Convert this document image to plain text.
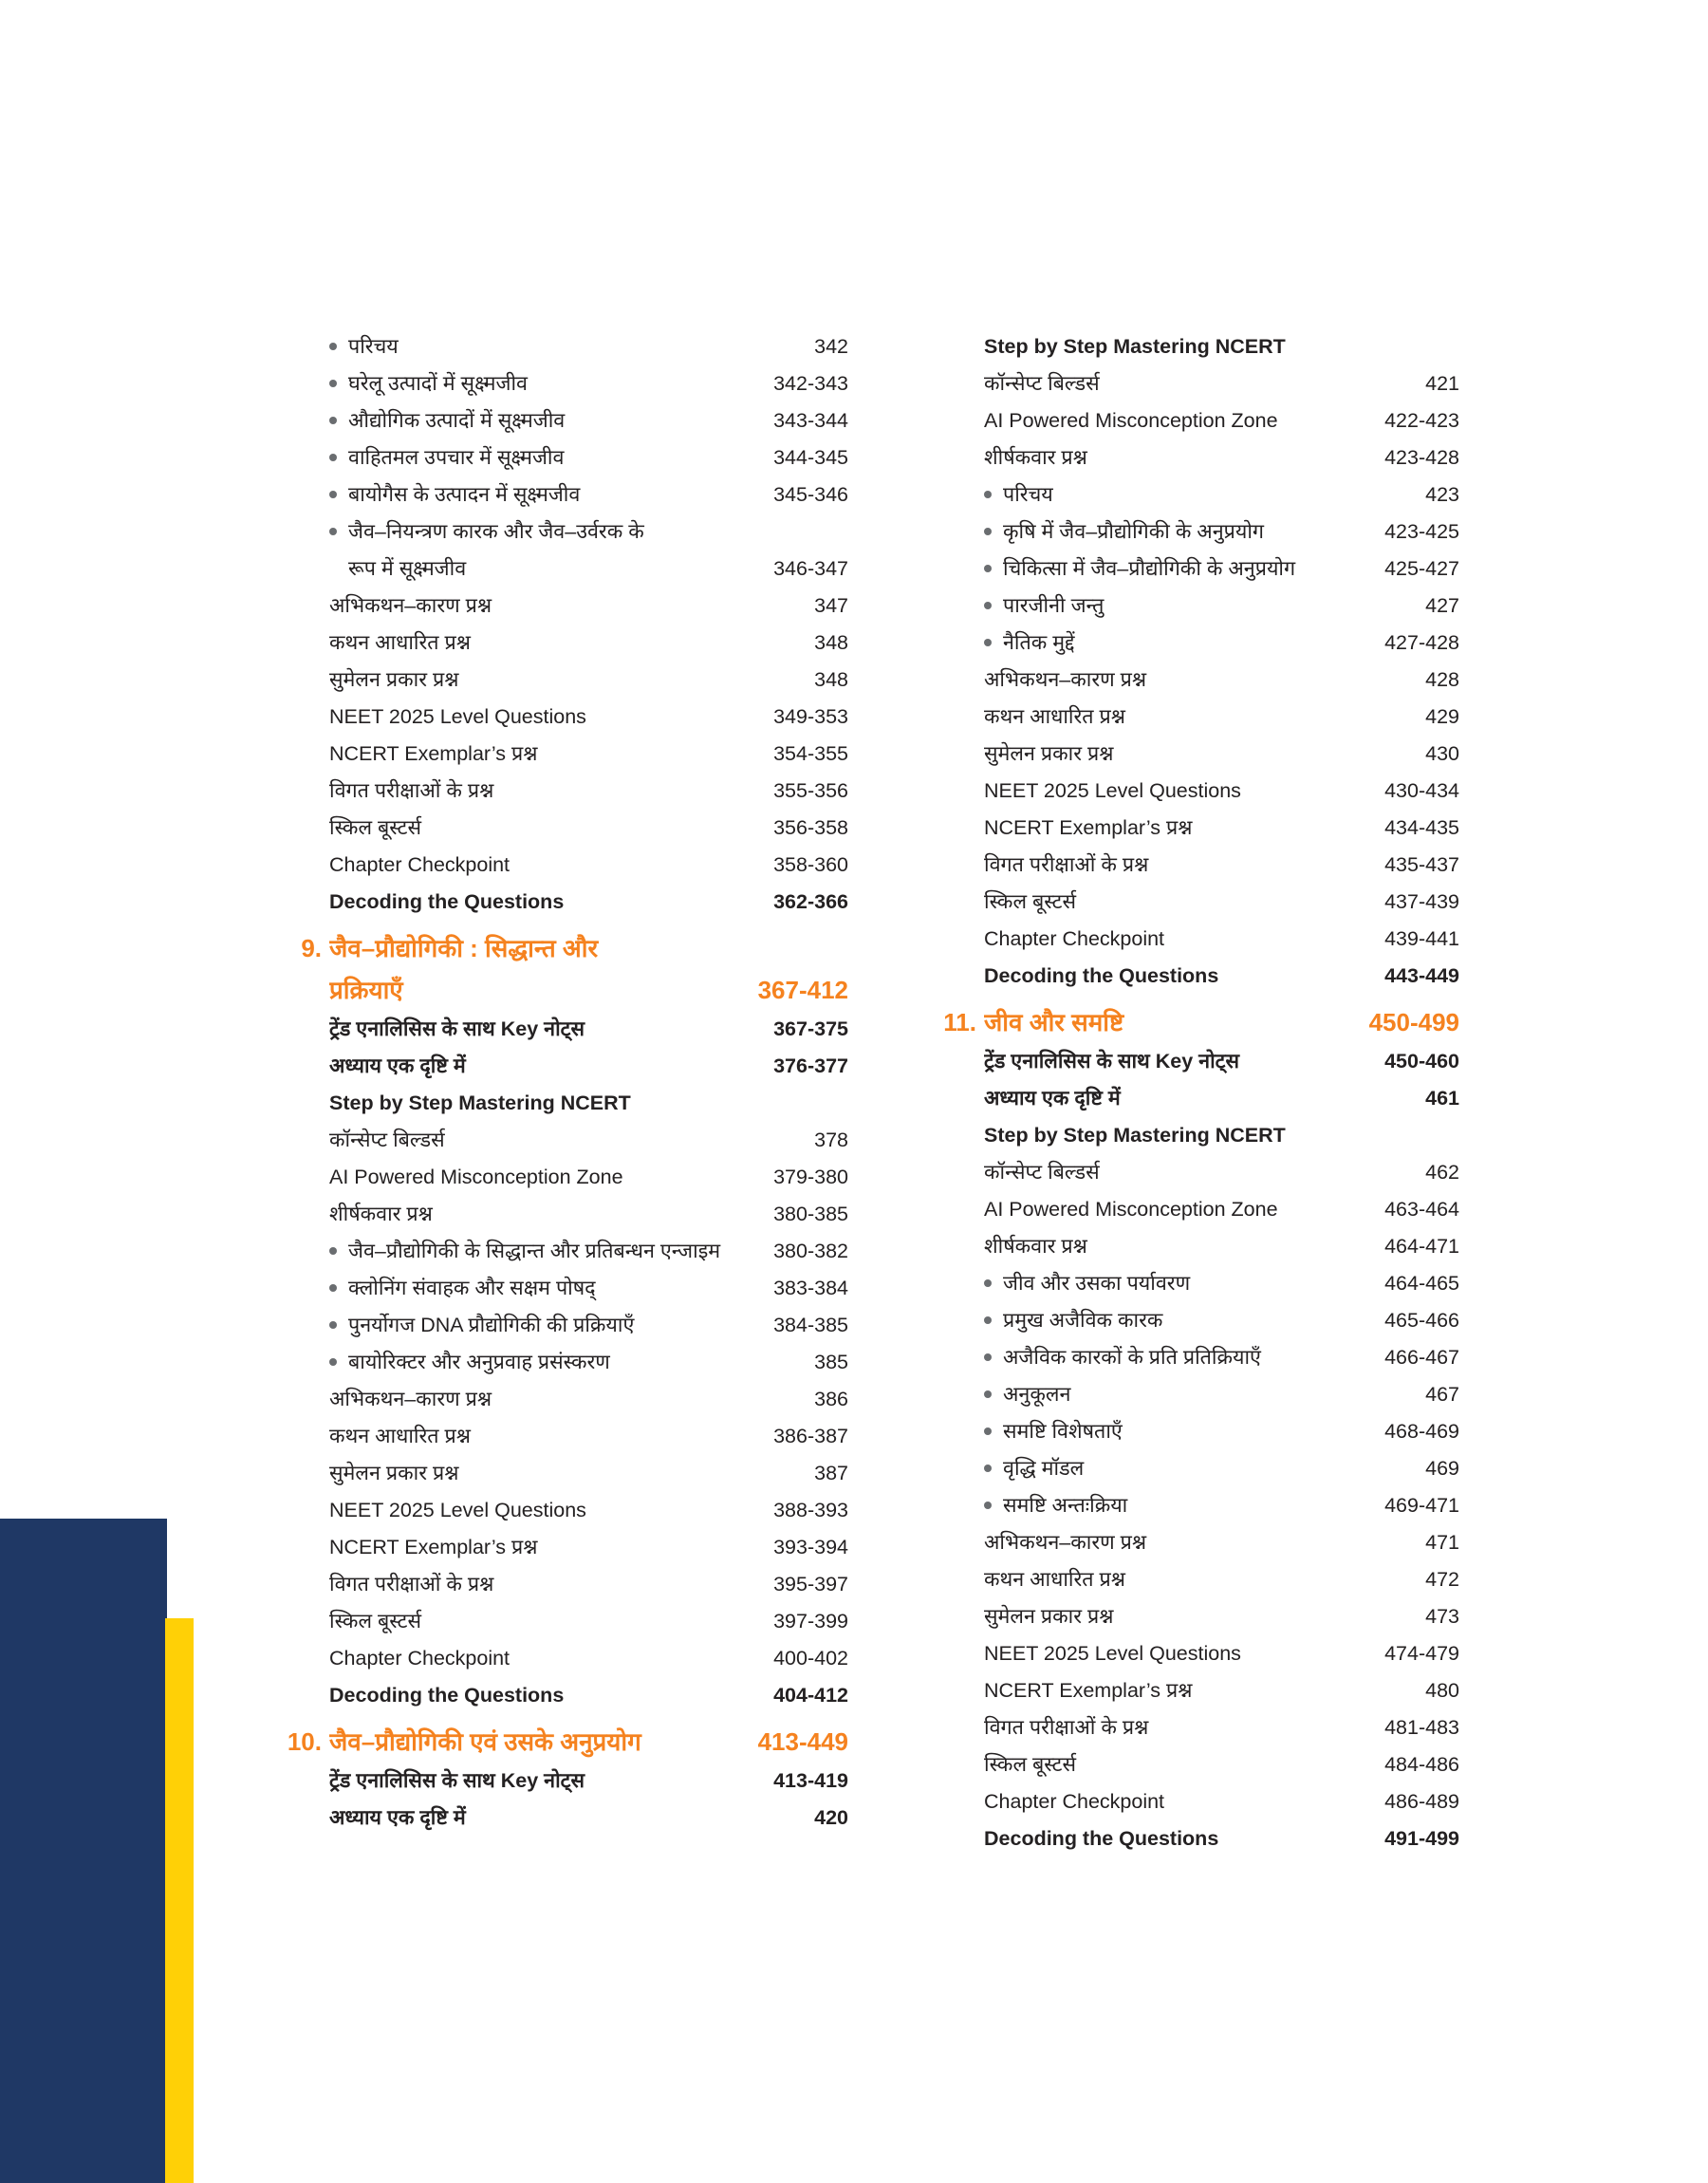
परिचय	342
घरेलू उत्पादों में सूक्ष्मजीव	342-343
औद्योगिक उत्पादों में सूक्ष्मजीव	343-344
वाहितमल उपचार में सूक्ष्मजीव	344-345
बायोगैस के उत्पादन में सूक्ष्मजीव	345-346
जैव–नियन्त्रण कारक और जैव–उर्वरक के
रूप में सूक्ष्मजीव	346-347
अभिकथन–कारण प्रश्न	347
कथन आधारित प्रश्न	348
सुमेलन प्रकार प्रश्न	348
NEET 2025 Level Questions	349-353
NCERT Exemplar’s प्रश्न	354-355
विगत परीक्षाओं के प्रश्न	355-356
स्किल बूस्टर्स	356-358
Chapter Checkpoint	358-360
Decoding the Questions	362-366
9. जैव–प्रौद्योगिकी : सिद्धान्त और
प्रक्रियाएँ	367-412
ट्रेंड एनालिसिस के साथ Key नोट्स	367-375
अध्याय एक दृष्टि में	376-377
Step by Step Mastering NCERT
कॉन्सेप्ट बिल्डर्स	378
AI Powered Misconception Zone	379-380
शीर्षकवार प्रश्न	380-385
जैव–प्रौद्योगिकी के सिद्धान्त और प्रतिबन्धन एन्जाइम	380-382
क्लोनिंग संवाहक और सक्षम पोषद्	383-384
पुनर्योगज DNA प्रौद्योगिकी की प्रक्रियाएँ	384-385
बायोरिक्टर और अनुप्रवाह प्रसंस्करण	385
अभिकथन–कारण प्रश्न	386
कथन आधारित प्रश्न	386-387
सुमेलन प्रकार प्रश्न	387
NEET 2025 Level Questions	388-393
NCERT Exemplar’s प्रश्न	393-394
विगत परीक्षाओं के प्रश्न	395-397
स्किल बूस्टर्स	397-399
Chapter Checkpoint	400-402
Decoding the Questions	404-412
10. जैव–प्रौद्योगिकी एवं उसके अनुप्रयोग	413-449
ट्रेंड एनालिसिस के साथ Key नोट्स	413-419
अध्याय एक दृष्टि में	420
Step by Step Mastering NCERT
कॉन्सेप्ट बिल्डर्स	421
AI Powered Misconception Zone	422-423
शीर्षकवार प्रश्न	423-428
परिचय	423
कृषि में जैव–प्रौद्योगिकी के अनुप्रयोग	423-425
चिकित्सा में जैव–प्रौद्योगिकी के अनुप्रयोग	425-427
पारजीनी जन्तु	427
नैतिक मुद्दें	427-428
अभिकथन–कारण प्रश्न	428
कथन आधारित प्रश्न	429
सुमेलन प्रकार प्रश्न	430
NEET 2025 Level Questions	430-434
NCERT Exemplar’s प्रश्न	434-435
विगत परीक्षाओं के प्रश्न	435-437
स्किल बूस्टर्स	437-439
Chapter Checkpoint	439-441
Decoding the Questions	443-449
11. जीव और समष्टि	450-499
ट्रेंड एनालिसिस के साथ Key नोट्स	450-460
अध्याय एक दृष्टि में	461
Step by Step Mastering NCERT
कॉन्सेप्ट बिल्डर्स	462
AI Powered Misconception Zone	463-464
शीर्षकवार प्रश्न	464-471
जीव और उसका पर्यावरण	464-465
प्रमुख अजैविक कारक	465-466
अजैविक कारकों के प्रति प्रतिक्रियाएँ	466-467
अनुकूलन	467
समष्टि विशेषताएँ	468-469
वृद्धि मॉडल	469
समष्टि अन्तःक्रिया	469-471
अभिकथन–कारण प्रश्न	471
कथन आधारित प्रश्न	472
सुमेलन प्रकार प्रश्न	473
NEET 2025 Level Questions	474-479
NCERT Exemplar’s प्रश्न	480
विगत परीक्षाओं के प्रश्न	481-483
स्किल बूस्टर्स	484-486
Chapter Checkpoint	486-489
Decoding the Questions	491-499
